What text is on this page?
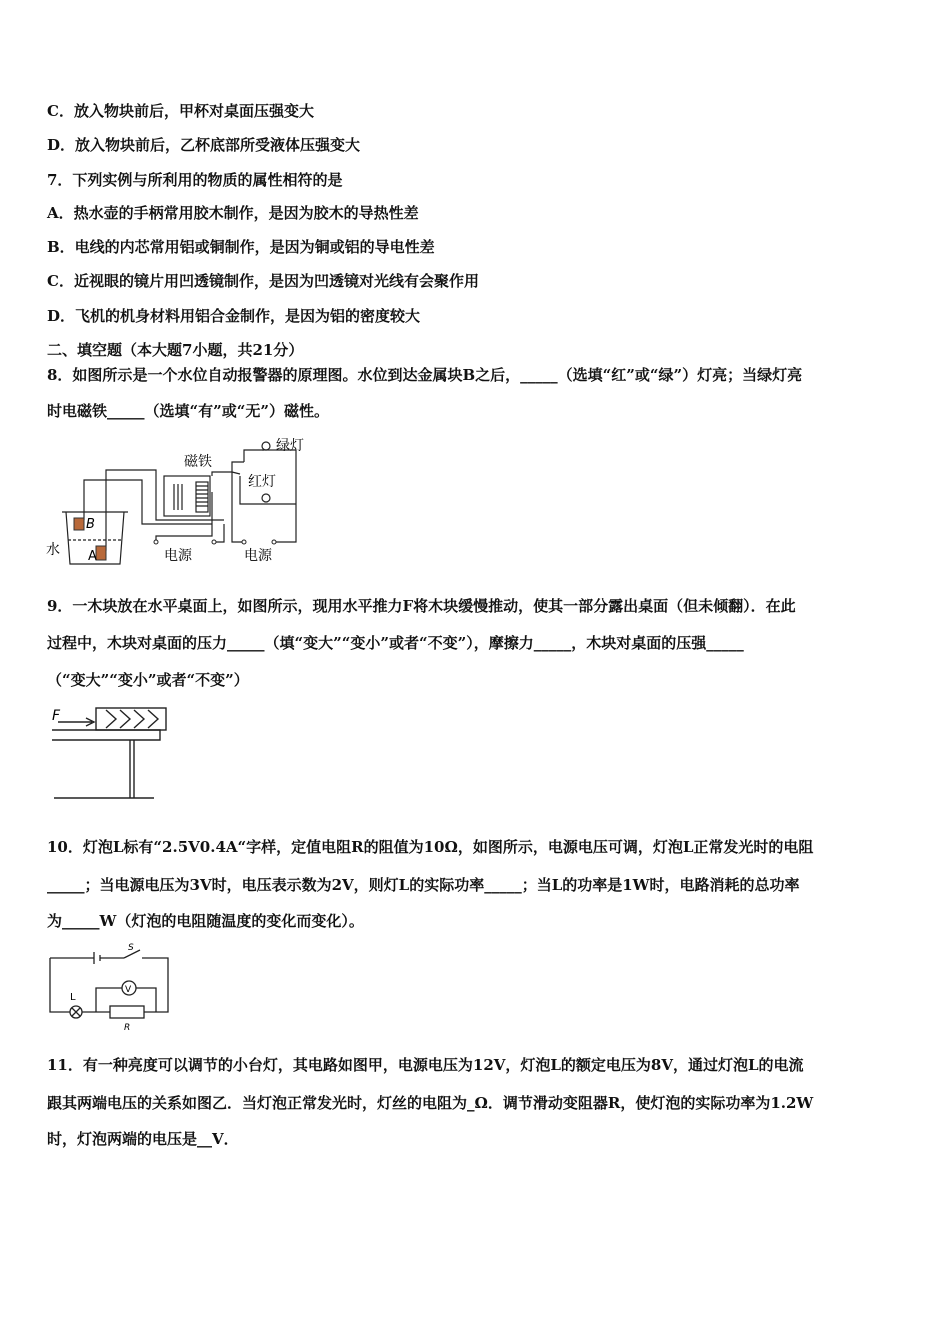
C．放入物块前后，甲杯对桌面压强变大
D．放入物块前后，乙杯底部所受液体压强变大
7．下列实例与所利用的物质的属性相符的是
A．热水壶的手柄常用胶木制作，是因为胶木的导热性差
B．电线的内芯常用铝或铜制作，是因为铜或铝的导电性差
C．近视眼的镜片用凹透镜制作，是因为凹透镜对光线有会聚作用
D．飞机的机身材料用铝合金制作，是因为铝的密度较大
二、填空题（本大题7小题，共21分）
8．如图所示是一个水位自动报警器的原理图。水位到达金属块B之后，_____（选填“红”或“绿”）灯亮；当绿灯亮
时电磁铁_____（选填“有”或“无”）磁性。
磁铁
绿灯
红灯
水
B
A	电源	电源
9．一木块放在水平桌面上，如图所示，现用水平推力F将木块缓慢推动，使其一部分露出桌面（但未倾翻）．在此
过程中，木块对桌面的压力_____（填“变大”“变小”或者“不变”），摩擦力_____，木块对桌面的压强_____
（“变大”“变小”或者“不变”）
F
10．灯泡L标有“2.5V0.4A“字样，定值电阻R的阻值为10Ω，如图所示，电源电压可调，灯泡L正常发光时的电阻
_____；当电源电压为3V时，电压表示数为2V，则灯L的实际功率_____；当L的功率是1W时，电路消耗的总功率
为_____W（灯泡的电阻随温度的变化而变化）。
S
L
V
R
11．有一种亮度可以调节的小台灯，其电路如图甲，电源电压为12V，灯泡L的额定电压为8V，通过灯泡L的电流
跟其两端电压的关系如图乙．当灯泡正常发光时，灯丝的电阻为_Ω．调节滑动变阻器R，使灯泡的实际功率为1.2W
时，灯泡两端的电压是__V．
